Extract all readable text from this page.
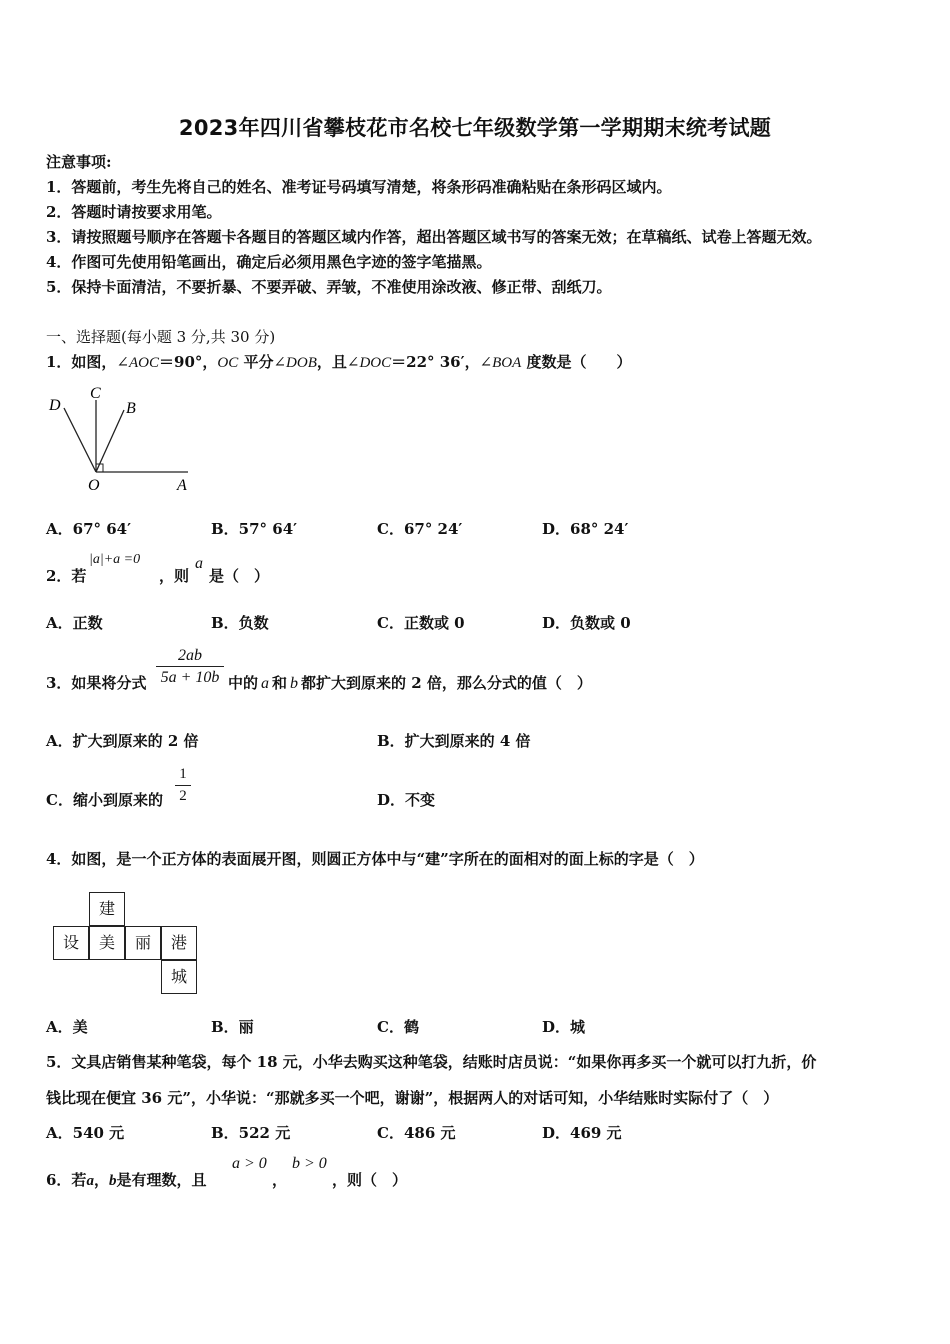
2023年四川省攀枝花市名校七年级数学第一学期期末统考试题
注意事项:
1．答题前，考生先将自己的姓名、准考证号码填写清楚，将条形码准确粘贴在条形码区域内。
2．答题时请按要求用笔。
3．请按照题号顺序在答题卡各题目的答题区域内作答，超出答题区域书写的答案无效；在草稿纸、试卷上答题无效。
4．作图可先使用铅笔画出，确定后必须用黑色字迹的签字笔描黑。
5．保持卡面清洁，不要折暴、不要弄破、弄皱，不准使用涂改液、修正带、刮纸刀。
一、选择题(每小题 3 分,共 30 分)
1．如图，∠AOC＝90°，OC 平分∠DOB，且∠DOC＝22° 36′，∠BOA 度数是（　　）
D
C
B
O	A
A．67° 64′	B．57° 64′	C．67° 24′	D．68° 24′
2．若
|a|+a =0
，则
a
是（　）
A．正数	B．负数	C．正数或 0	D．负数或 0
3．如果将分式
2ab
5a + 10b 中的 a 和 b 都扩大到原来的 2 倍，那么分式的值（　）
A．扩大到原来的 2 倍	B．扩大到原来的 4 倍
C．缩小到原来的
1
2	D．不变
4．如图，是一个正方体的表面展开图，则圆正方体中与“建”字所在的面相对的面上标的字是（　）
建
设	美	丽	港
城
A．美	B．丽	C．鹤	D．城
5．文具店销售某种笔袋，每个 18 元，小华去购买这种笔袋，结账时店员说：“如果你再多买一个就可以打九折，价
钱比现在便宜 36 元”，小华说：“那就多买一个吧，谢谢”，根据两人的对话可知，小华结账时实际付了（　）
A．540 元	B．522 元	C．486 元	D．469 元
6．若a，b是有理数，且
a > 0
，
b > 0
，则（　）
